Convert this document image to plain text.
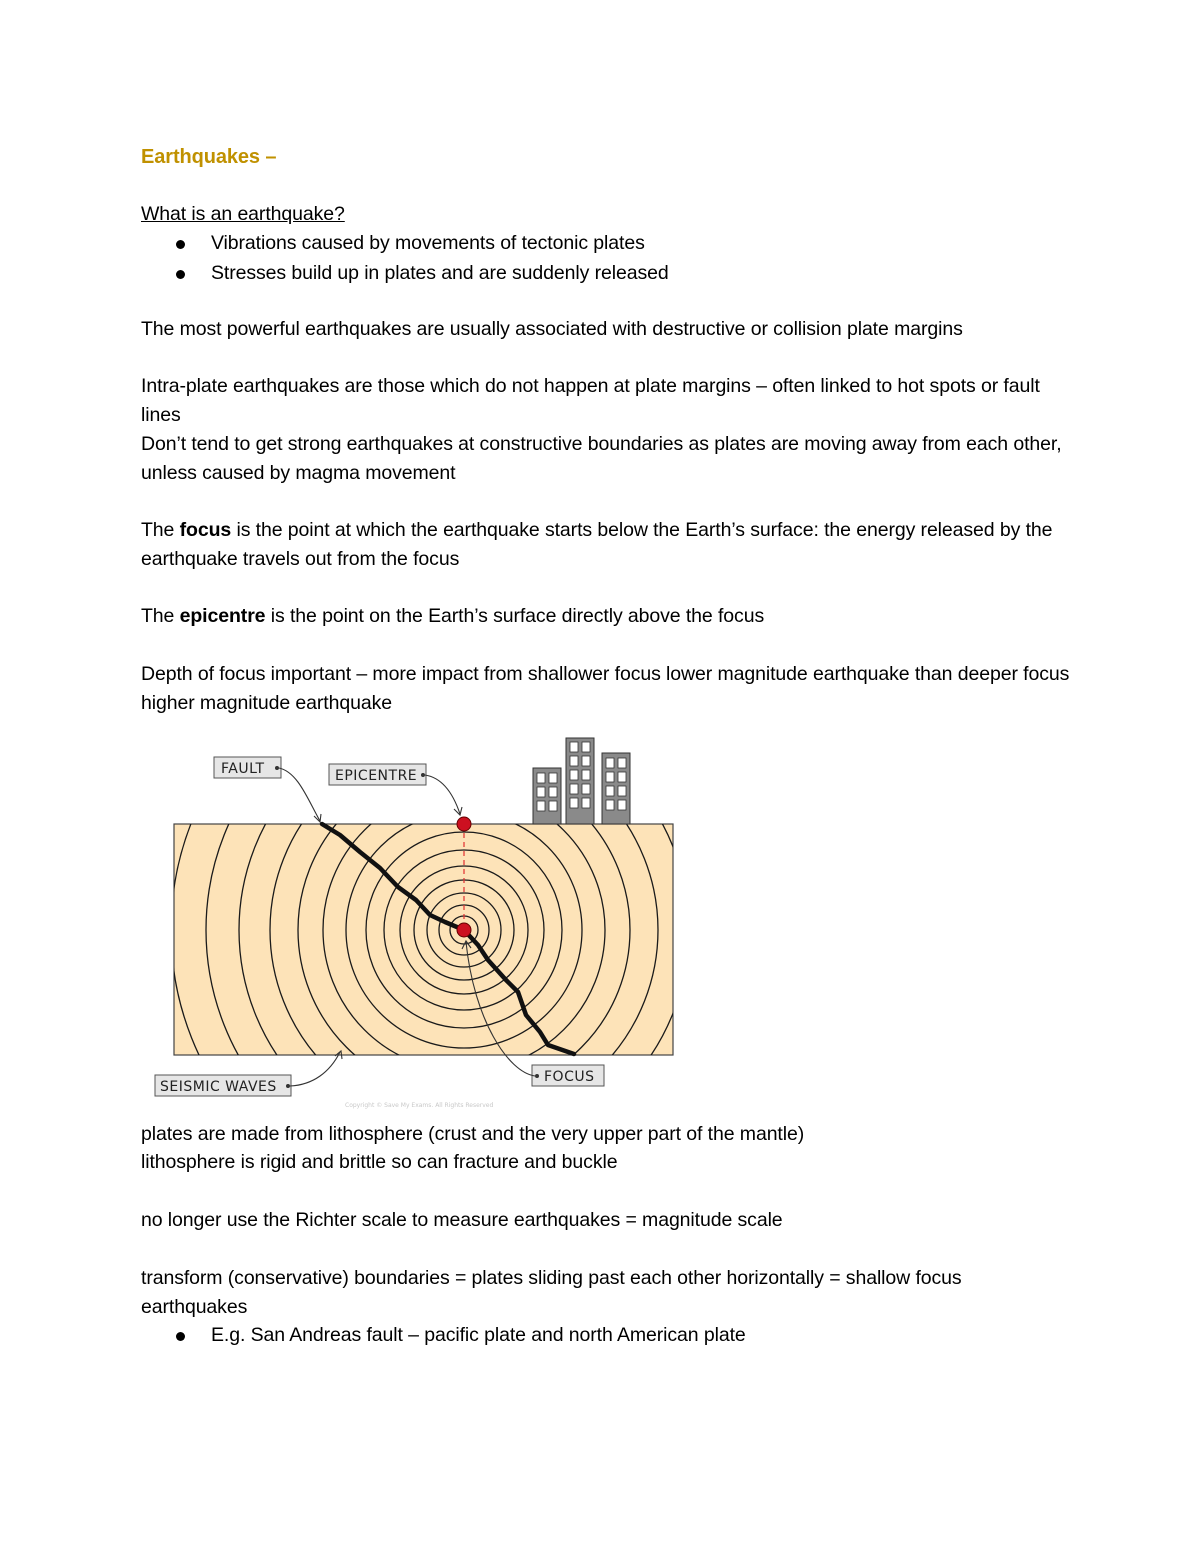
Earthquakes –
What is an earthquake?
Vibrations caused by movements of tectonic plates
Stresses build up in plates and are suddenly released
The most powerful earthquakes are usually associated with destructive or collision plate margins
Intra-plate earthquakes are those which do not happen at plate margins – often linked to hot spots or fault lines
Don’t tend to get strong earthquakes at constructive boundaries as plates are moving away from each other, unless caused by magma movement
The focus is the point at which the earthquake starts below the Earth’s surface: the energy released by the earthquake travels out from the focus
The epicentre is the point on the Earth’s surface directly above the focus
Depth of focus important – more impact from shallower focus lower magnitude earthquake than deeper focus higher magnitude earthquake
FAULT	EPICENTRE
FOCUS
SEISMIC WAVES
Copyright © Save My Exams. All Rights Reserved
plates are made from lithosphere (crust and the very upper part of the mantle)
lithosphere is rigid and brittle so can fracture and buckle
no longer use the Richter scale to measure earthquakes = magnitude scale
transform (conservative) boundaries = plates sliding past each other horizontally = shallow focus earthquakes
E.g. San Andreas fault – pacific plate and north American plate
